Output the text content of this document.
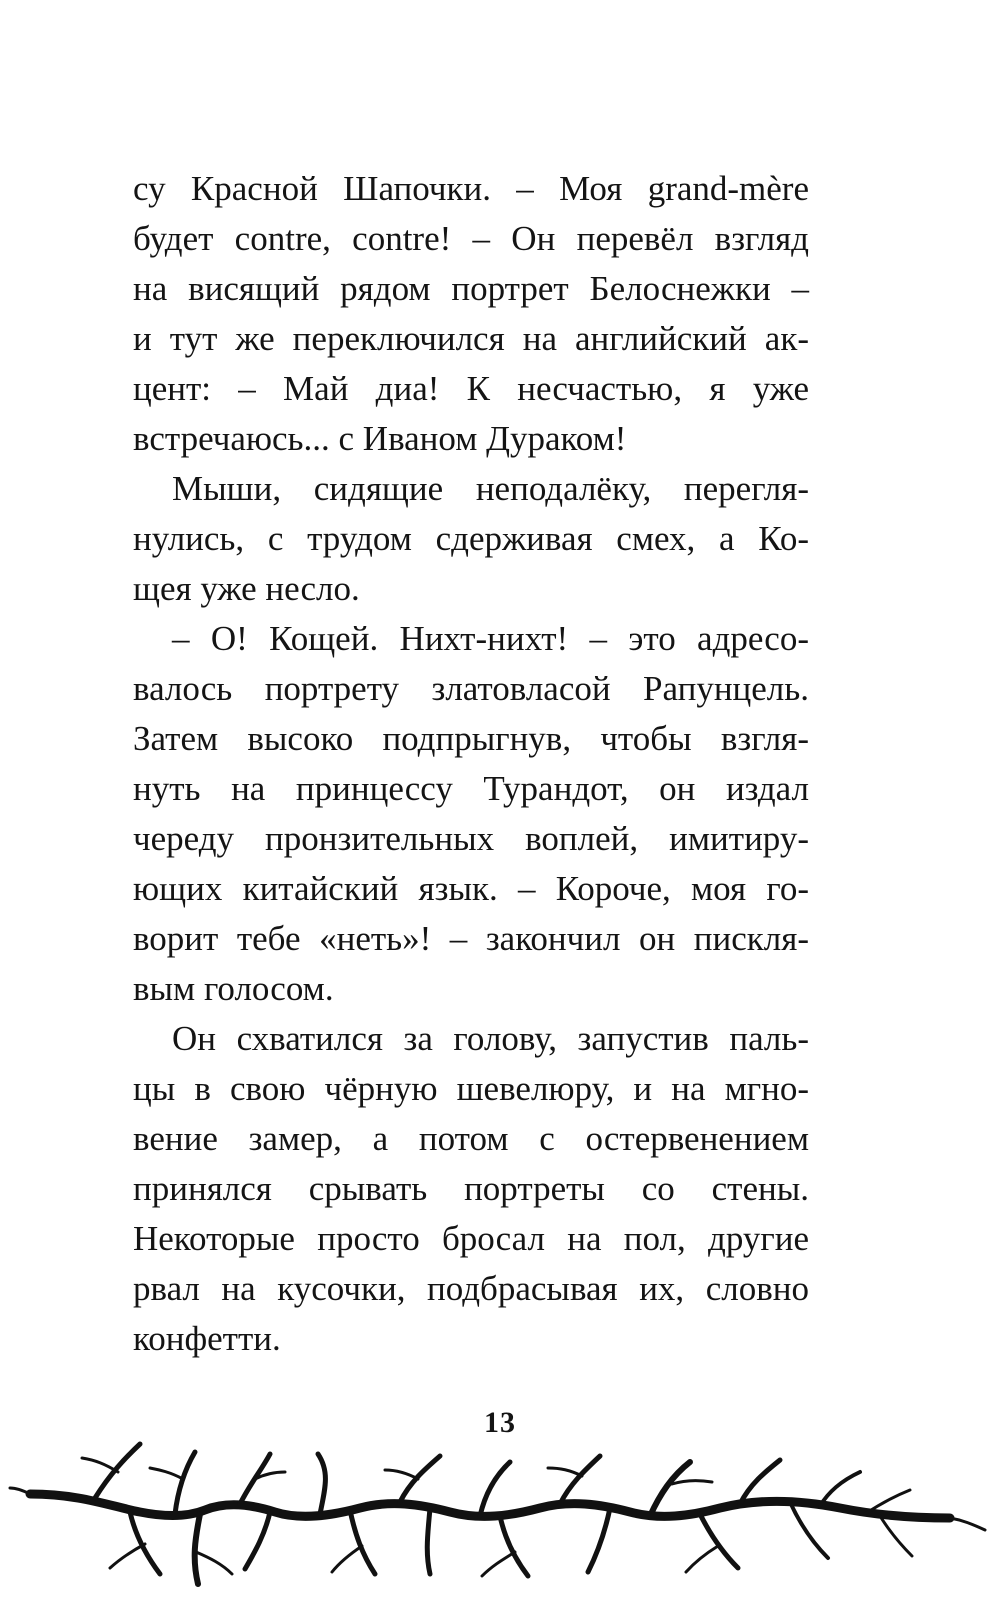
су Красной Шапочки. – Моя grand-mère
будет contre, contre! – Он перевёл взгляд
на висящий рядом портрет Белоснежки –
и тут же переключился на английский ак-
цент: – Май диа! К несчастью, я уже
встречаюсь... с Иваном Дураком!
Мыши, сидящие неподалёку, перегля-
нулись, с трудом сдерживая смех, а Ко-
щея уже несло.
– О! Кощей. Нихт-нихт! – это адресо-
валось портрету златовласой Рапунцель.
Затем высоко подпрыгнув, чтобы взгля-
нуть на принцессу Турандот, он издал
череду пронзительных воплей, имитиру-
ющих китайский язык. – Короче, моя го-
ворит тебе «неть»! – закончил он пискля-
вым голосом.
Он схватился за голову, запустив паль-
цы в свою чёрную шевелюру, и на мгно-
вение замер, а потом с остервенением
принялся срывать портреты со стены.
Некоторые просто бросал на пол, другие
рвал на кусочки, подбрасывая их, словно
конфетти.
13
